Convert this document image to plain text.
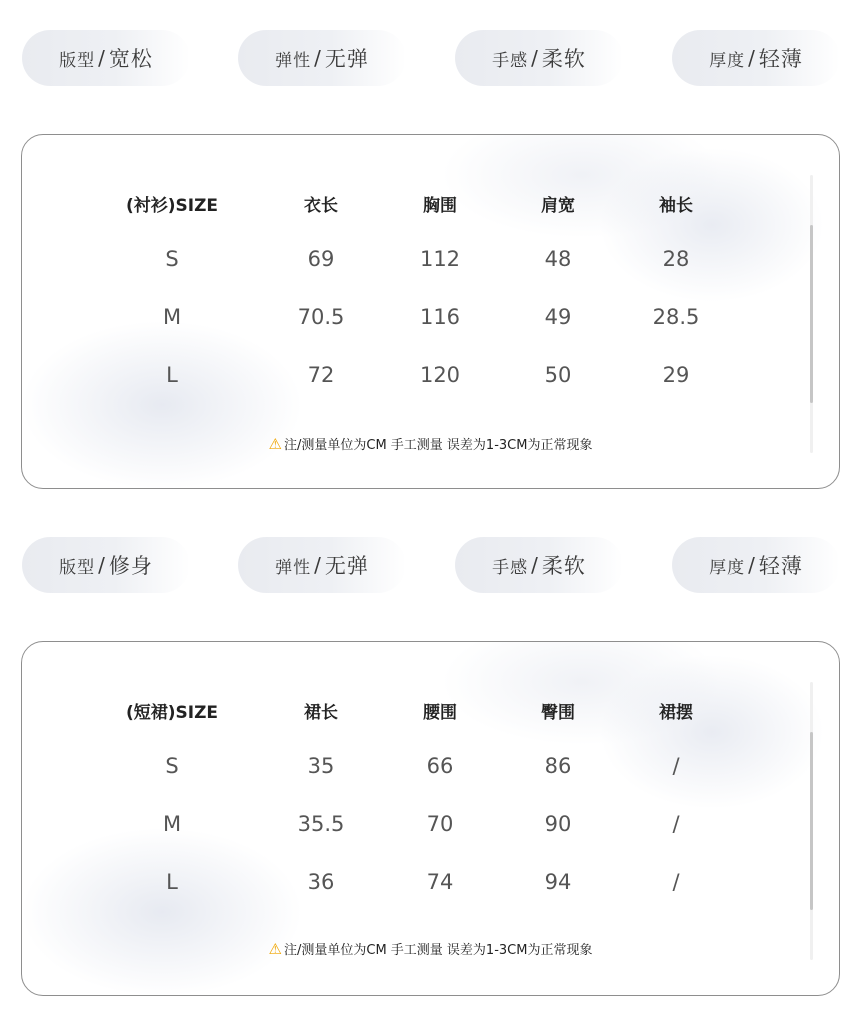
版型 / 宽松	弹性 / 无弹	手感 / 柔软	厚度 / 轻薄
(衬衫)SIZE	衣长	胸围	肩宽	袖长
S	69	112	48	28
M	70.5	116	49	28.5
L	72	120	50	29
⚠ 注/测量单位为CM 手工测量 误差为1-3CM为正常现象
版型 / 修身	弹性 / 无弹	手感 / 柔软	厚度 / 轻薄
(短裙)SIZE	裙长	腰围	臀围	裙摆
S	35	66	86	/
M	35.5	70	90	/
L	36	74	94	/
⚠ 注/测量单位为CM 手工测量 误差为1-3CM为正常现象
